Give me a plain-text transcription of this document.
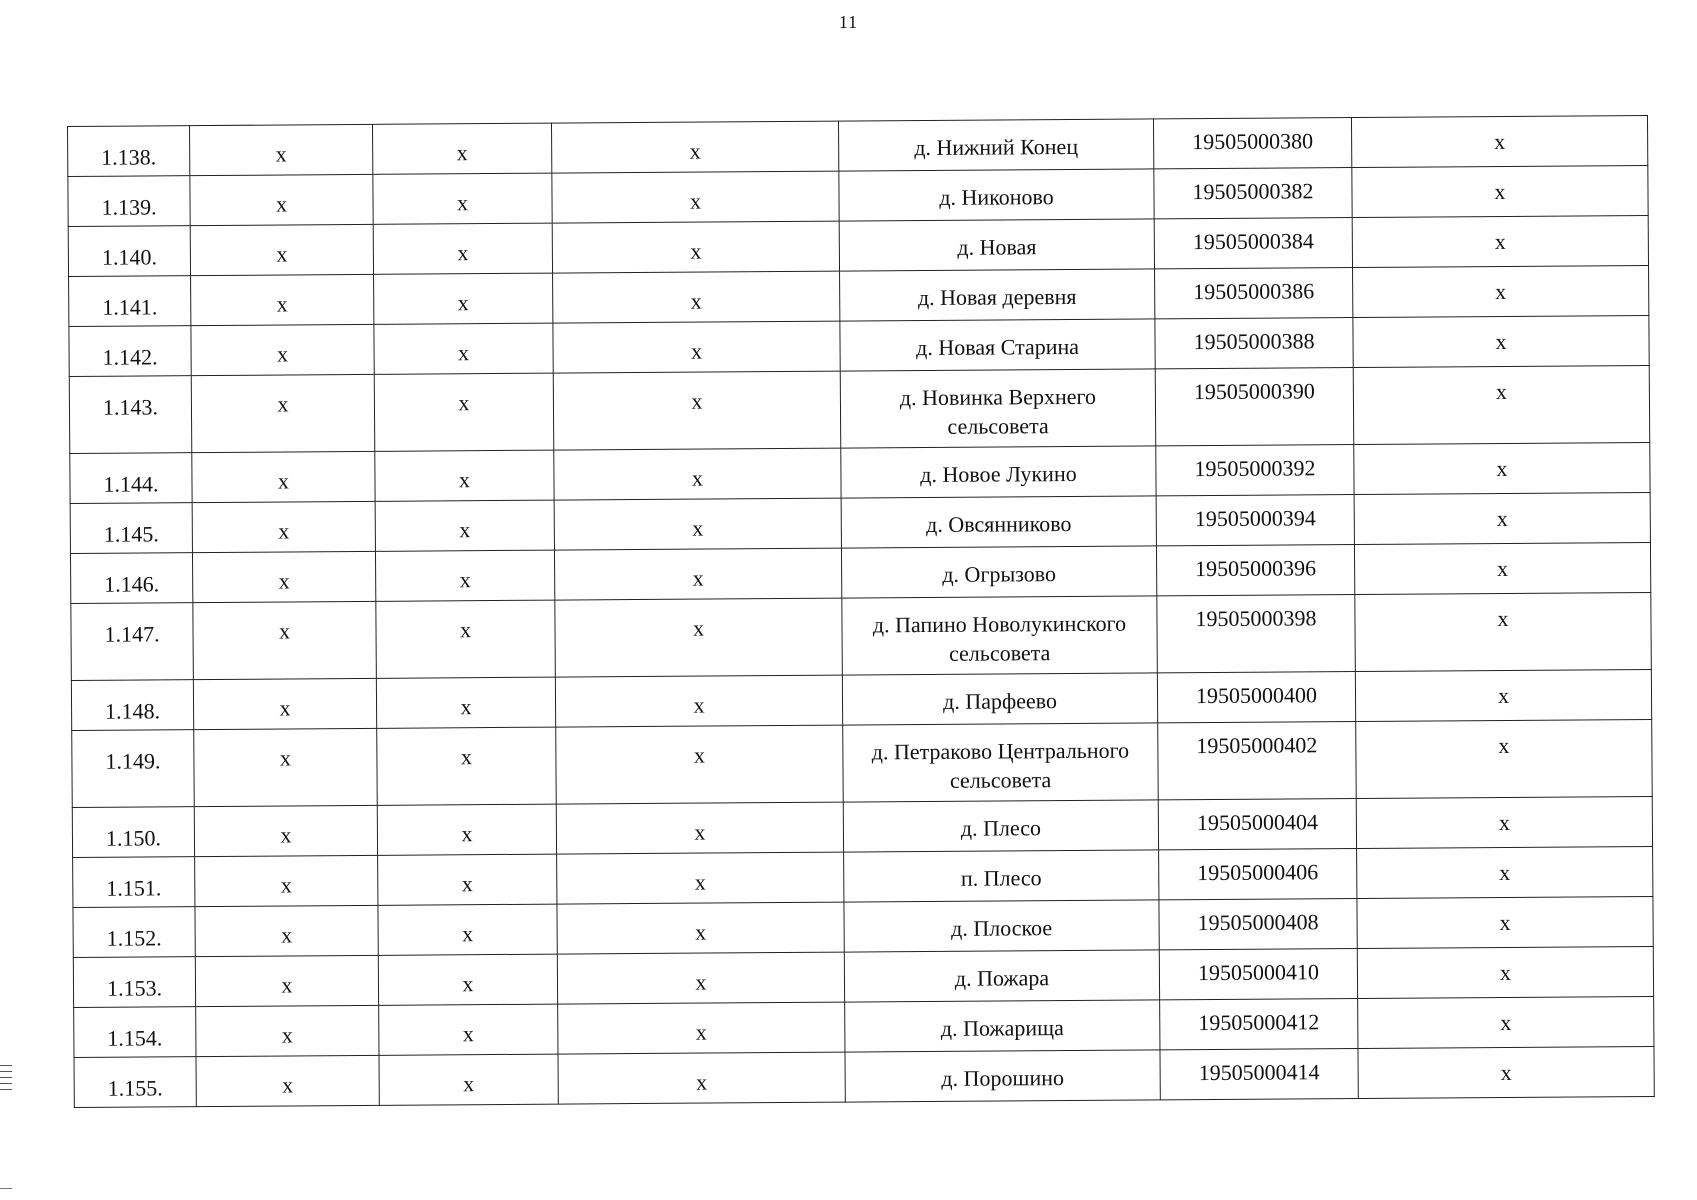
11
1.138.	x	x	x	д. Нижний Конец	19505000380	x
1.139.	x	x	x	д. Никоново	19505000382	x
1.140.	x	x	x	д. Новая	19505000384	x
1.141.	x	x	x	д. Новая деревня	19505000386	x
1.142.	x	x	x	д. Новая Старина	19505000388	x
1.143.	x	x	x	д. Новинка Верхнего сельсовета	19505000390	x
1.144.	x	x	x	д. Новое Лукино	19505000392	x
1.145.	x	x	x	д. Овсянниково	19505000394	x
1.146.	x	x	x	д. Огрызово	19505000396	x
1.147.	x	x	x	д. Папино Новолукинского сельсовета	19505000398	x
1.148.	x	x	x	д. Парфеево	19505000400	x
1.149.	x	x	x	д. Петраково Центрального сельсовета	19505000402	x
1.150.	x	x	x	д. Плесо	19505000404	x
1.151.	x	x	x	п. Плесо	19505000406	x
1.152.	x	x	x	д. Плоское	19505000408	x
1.153.	x	x	x	д. Пожара	19505000410	x
1.154.	x	x	x	д. Пожарища	19505000412	x
1.155.	x	x	x	д. Порошино	19505000414	x
